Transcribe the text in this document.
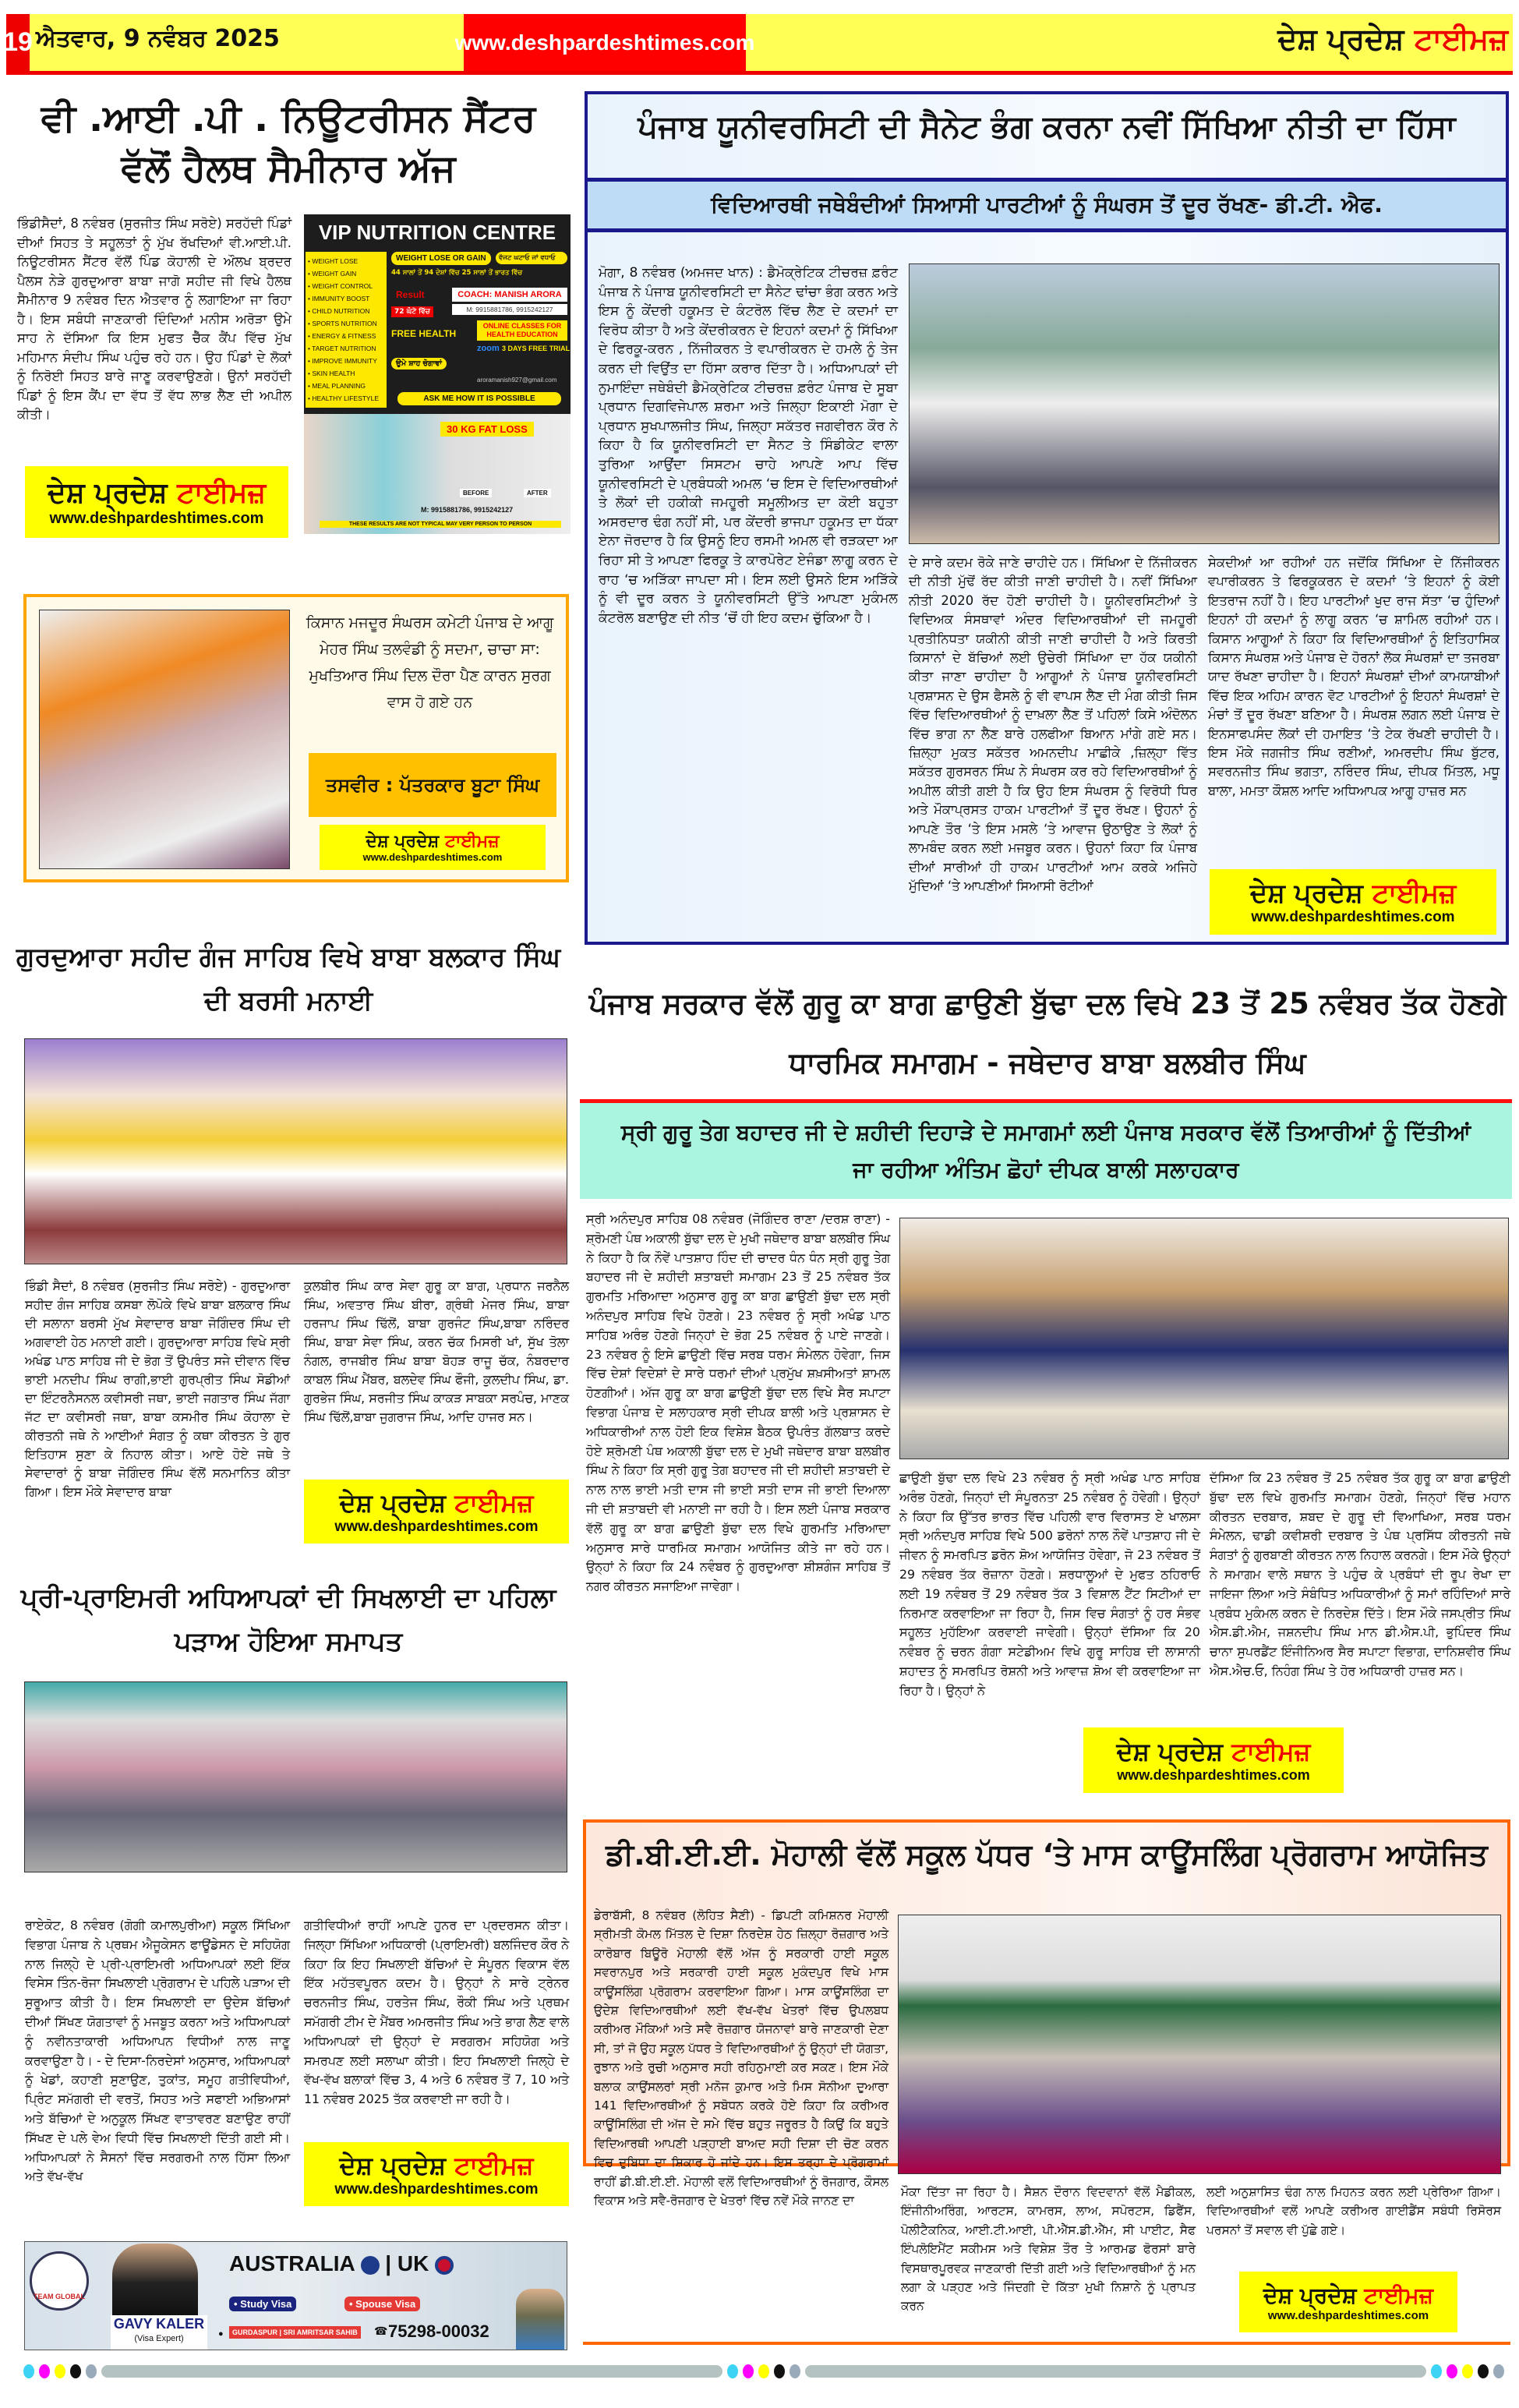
19 ਐਤਵਾਰ, 9 ਨਵੰਬਰ 2025	www.deshpardeshtimes.com	ਦੇਸ਼ ਪ੍ਰਦੇਸ਼ ਟਾਈਮਜ਼
ਵੀ .ਆਈ .ਪੀ . ਨਿਊਟਰੀਸਨ ਸੈਂਟਰ ਵੱਲੋਂ ਹੈਲਥ ਸੈਮੀਨਾਰ ਅੱਜ
ਭਿੰਡੀਸੈਦਾਂ, 8 ਨਵੰਬਰ (ਸੁਰਜੀਤ ਸਿੰਘ ਸਰੋਏ) ਸਰਹੱਦੀ ਪਿੰਡਾਂ ਦੀਆਂ ਸਿਹਤ ਤੇ ਸਹੂਲਤਾਂ ਨੂੰ ਮੁੱਖ ਰੱਖਦਿਆਂ ਵੀ.ਆਈ.ਪੀ. ਨਿਊਟਰੀਸਨ ਸੈਂਟਰ ਵੱਲੋਂ ਪਿੰਡ ਕੋਹਾਲੀ ਦੇ ਔਲਖ ਬ੍ਰਦਰ ਪੈਲਸ ਨੇੜੇ ਗੁਰਦੁਆਰਾ ਬਾਬਾ ਜਾਗੋ ਸਹੀਦ ਜੀ ਵਿਖੇ ਹੈਲਥ ਸੈਮੀਨਾਰ 9 ਨਵੰਬਰ ਦਿਨ ਐਤਵਾਰ ਨੂੰ ਲਗਾਇਆ ਜਾ ਰਿਹਾ ਹੈ। ਇਸ ਸਬੰਧੀ ਜਾਣਕਾਰੀ ਦਿੰਦਿਆਂ ਮਨੀਸ ਅਰੋੜਾ ਉਮੇ ਸਾਹ ਨੇ ਦੱਸਿਆ ਕਿ ਇਸ ਮੁਫਤ ਚੈੱਕ ਕੈਂਪ ਵਿੱਚ ਮੁੱਖ ਮਹਿਮਾਨ ਸੰਦੀਪ ਸਿੰਘ ਪਹੁੰਚ ਰਹੇ ਹਨ। ਉਹ ਪਿੰਡਾਂ ਦੇ ਲੋਕਾਂ ਨੂੰ ਨਿਰੋਈ ਸਿਹਤ ਬਾਰੇ ਜਾਣੂ ਕਰਵਾਉਣਗੇ। ਉਨਾਂ ਸਰਹੱਦੀ ਪਿੰਡਾਂ ਨੂੰ ਇਸ ਕੈਂਪ ਦਾ ਵੱਧ ਤੋਂ ਵੱਧ ਲਾਭ ਲੈਣ ਦੀ ਅਪੀਲ ਕੀਤੀ।
ਦੇਸ਼ ਪ੍ਰਦੇਸ਼ ਟਾਈਮਜ਼
www.deshpardeshtimes.com
VIP NUTRITION CENTRE
• WEIGHT LOSE
• WEIGHT GAIN
• WEIGHT CONTROL
• IMMUNITY BOOST
• CHILD NUTRITION
• SPORTS NUTRITION
• ENERGY & FITNESS
• TARGET NUTRITION
• IMPROVE IMMUNITY
• SKIN HEALTH
• MEAL PLANNING
• HEALTHY LIFESTYLE
WEIGHT LOSE OR GAIN	ਵੱਜਟ ਘਟਾਓ ਜਾਂ ਵਧਾਓ
44 ਸਾਲਾਂ ਤੋਂ 94 ਦੇਸ਼ਾਂ ਵਿੱਚ 25 ਸਾਲਾਂ ਤੋਂ ਭਾਰਤ ਵਿੱਚ
Result	COACH: MANISH ARORA
M: 9915881786, 9915242127
72 ਘੰਟੇ ਵਿੱਚ
ONLINE CLASSES FOR HEALTH EDUCATION
FREE HEALTH
zoom 3 DAYS FREE TRIAL
ਉਮੇ ਸ਼ਾਹ ਚੋਗਾਵਾਂ
aroramanish927@gmail.com
ASK ME HOW IT IS POSSIBLE
30 KG FAT LOSS
BEFORE	AFTER
M: 9915881786, 9915242127
THESE RESULTS ARE NOT TYPICAL MAY VERY PERSON TO PERSON
ਕਿਸਾਨ ਮਜਦੂਰ ਸੰਘਰਸ ਕਮੇਟੀ ਪੰਜਾਬ ਦੇ ਆਗੂ ਮੇਹਰ ਸਿੰਘ ਤਲਵੰਡੀ ਨੂੰ ਸਦਮਾ, ਚਾਚਾ ਸਾ: ਮੁਖਤਿਆਰ ਸਿੰਘ ਦਿਲ ਦੌਰਾ ਪੈਣ ਕਾਰਨ ਸੁਰਗ ਵਾਸ ਹੋ ਗਏ ਹਨ
ਤਸਵੀਰ : ਪੱਤਰਕਾਰ ਬੂਟਾ ਸਿੰਘ
ਦੇਸ਼ ਪ੍ਰਦੇਸ਼ ਟਾਈਮਜ਼
www.deshpardeshtimes.com
ਗੁਰਦੁਆਰਾ ਸਹੀਦ ਗੰਜ ਸਾਹਿਬ ਵਿਖੇ ਬਾਬਾ ਬਲਕਾਰ ਸਿੰਘ ਦੀ ਬਰਸੀ ਮਨਾਈ
ਭਿੰਡੀ ਸੈਦਾਂ, 8 ਨਵੰਬਰ (ਸੁਰਜੀਤ ਸਿੰਘ ਸਰੋਏ) - ਗੁਰਦੁਆਰਾ ਸਹੀਦ ਗੰਜ ਸਾਹਿਬ ਕਸਬਾ ਲੋਪੋਕੇ ਵਿਖੇ ਬਾਬਾ ਬਲਕਾਰ ਸਿੰਘ ਦੀ ਸਲਾਨਾ ਬਰਸੀ ਮੁੱਖ ਸੇਵਾਦਾਰ ਬਾਬਾ ਜੋਗਿੰਦਰ ਸਿੰਘ ਦੀ ਅਗਵਾਈ ਹੇਠ ਮਨਾਈ ਗਈ। ਗੁਰਦੁਆਰਾ ਸਾਹਿਬ ਵਿਖੇ ਸ੍ਰੀ ਅਖੰਡ ਪਾਠ ਸਾਹਿਬ ਜੀ ਦੇ ਭੋਗ ਤੋਂ ਉਪਰੰਤ ਸਜੇ ਦੀਵਾਨ ਵਿੱਚ ਭਾਈ ਮਨਦੀਪ ਸਿੰਘ ਰਾਗੀ,ਭਾਈ ਗੁਰਪ੍ਰੀਤ ਸਿੰਘ ਸੋਡੀਆਂ ਦਾ ਇੰਟਰਨੈਸਨਲ ਕਵੀਸਰੀ ਜਥਾ, ਭਾਈ ਜਗਤਾਰ ਸਿੰਘ ਜੱਗਾ ਜੱਟ ਦਾ ਕਵੀਸਰੀ ਜਥਾ, ਬਾਬਾ ਕਸਮੀਰ ਸਿੰਘ ਕੋਹਾਲਾ ਦੇ ਕੀਰਤਨੀ ਜਥੇ ਨੇ ਆਈਆਂ ਸੰਗਤ ਨੂੰ ਕਥਾ ਕੀਰਤਨ ਤੇ ਗੁਰ ਇਤਿਹਾਸ ਸੁਣਾ ਕੇ ਨਿਹਾਲ ਕੀਤਾ। ਆਏ ਹੋਏ ਜਥੇ ਤੇ ਸੇਵਾਦਾਰਾਂ ਨੂੰ ਬਾਬਾ ਜੋਗਿੰਦਰ ਸਿੰਘ ਵੱਲੋਂ ਸਨਮਾਨਿਤ ਕੀਤਾ ਗਿਆ। ਇਸ ਮੌਕੇ ਸੇਵਾਦਾਰ ਬਾਬਾ
ਕੁਲਬੀਰ ਸਿੰਘ ਕਾਰ ਸੇਵਾ ਗੁਰੂ ਕਾ ਬਾਗ, ਪ੍ਰਧਾਨ ਜਰਨੈਲ ਸਿੰਘ, ਅਵਤਾਰ ਸਿੰਘ ਬੀਰਾ, ਗ੍ਰੰਥੀ ਮੇਜਰ ਸਿੰਘ, ਬਾਬਾ ਹਰਜਾਪ ਸਿੰਘ ਢਿੱਲੋਂ, ਬਾਬਾ ਗੁਰਜੰਟ ਸਿੰਘ,ਬਾਬਾ ਨਰਿੰਦਰ ਸਿੰਘ, ਬਾਬਾ ਸੇਵਾ ਸਿੰਘ, ਕਰਨ ਚੱਕ ਮਿਸਰੀ ਖਾਂ, ਸੁੱਖ ਤੋਲਾ ਨੰਗਲ, ਰਾਜਬੀਰ ਸਿੰਘ ਬਾਬਾ ਬੋਹੜ ਰਾਜੂ ਚੱਕ, ਨੰਬਰਦਾਰ ਕਾਬਲ ਸਿੰਘ ਮੈਂਬਰ, ਬਲਦੇਵ ਸਿੰਘ ਫੌਜੀ, ਕੁਲਦੀਪ ਸਿੰਘ, ਡਾ. ਗੁਰਭੇਜ ਸਿੰਘ, ਸਰਜੀਤ ਸਿੰਘ ਕਾਕੜ ਸਾਬਕਾ ਸਰਪੰਚ, ਮਾਣਕ ਸਿੰਘ ਢਿੱਲੋਂ,ਬਾਬਾ ਜੁਗਰਾਜ ਸਿੰਘ, ਆਦਿ ਹਾਜਰ ਸਨ।
ਦੇਸ਼ ਪ੍ਰਦੇਸ਼ ਟਾਈਮਜ਼
www.deshpardeshtimes.com
ਪ੍ਰੀ-ਪ੍ਰਾਇਮਰੀ ਅਧਿਆਪਕਾਂ ਦੀ ਸਿਖਲਾਈ ਦਾ ਪਹਿਲਾ ਪੜਾਅ ਹੋਇਆ ਸਮਾਪਤ
ਰਾਏਕੋਟ, 8 ਨਵੰਬਰ (ਗੋਗੀ ਕਮਾਲਪੁਰੀਆ) ਸਕੂਲ ਸਿੱਖਿਆ ਵਿਭਾਗ ਪੰਜਾਬ ਨੇ ਪ੍ਰਥਮ ਐਜੂਕੇਸਨ ਫਾਊਂਡੇਸਨ ਦੇ ਸਹਿਯੋਗ ਨਾਲ ਜਿਲ੍ਹੇ ਦੇ ਪ੍ਰੀ-ਪ੍ਰਾਇਮਰੀ ਅਧਿਆਪਕਾਂ ਲਈ ਇੱਕ ਵਿਸੇਸ ਤਿੰਨ-ਰੋਜਾ ਸਿਖਲਾਈ ਪ੍ਰੋਗਰਾਮ ਦੇ ਪਹਿਲੇ ਪੜਾਅ ਦੀ ਸੁਰੂਆਤ ਕੀਤੀ ਹੈ। ਇਸ ਸਿਖਲਾਈ ਦਾ ਉਦੇਸ ਬੱਚਿਆਂ ਦੀਆਂ ਸਿੱਖਣ ਯੋਗਤਾਵਾਂ ਨੂੰ ਮਜਬੂਤ ਕਰਨਾ ਅਤੇ ਅਧਿਆਪਕਾਂ ਨੂੰ ਨਵੀਨਤਾਕਾਰੀ ਅਧਿਆਪਨ ਵਿਧੀਆਂ ਨਾਲ ਜਾਣੂ ਕਰਵਾਉਣਾ ਹੈ। - ਦੇ ਦਿਸਾ-ਨਿਰਦੇਸਾਂ ਅਨੁਸਾਰ, ਅਧਿਆਪਕਾਂ ਨੂੰ ਖੇਡਾਂ, ਕਹਾਣੀ ਸੁਣਾਉਣ, ਤੁਕਾਂਤ, ਸਮੂਹ ਗਤੀਵਿਧੀਆਂ, ਪ੍ਰਿੰਟ ਸਮੱਗਰੀ ਦੀ ਵਰਤੋਂ, ਸਿਹਤ ਅਤੇ ਸਫਾਈ ਅਭਿਆਸਾਂ ਅਤੇ ਬੱਚਿਆਂ ਦੇ ਅਨੁਕੂਲ ਸਿੱਖਣ ਵਾਤਾਵਰਣ ਬਣਾਉਣ ਰਾਹੀਂ ਸਿੱਖਣ ਦੇ ਪਲੇ ਵੇਅ ਵਿਧੀ ਵਿੱਚ ਸਿਖਲਾਈ ਦਿੱਤੀ ਗਈ ਸੀ। ਅਧਿਆਪਕਾਂ ਨੇ ਸੈਸਨਾਂ ਵਿੱਚ ਸਰਗਰਮੀ ਨਾਲ ਹਿੱਸਾ ਲਿਆ ਅਤੇ ਵੱਖ-ਵੱਖ
ਗਤੀਵਿਧੀਆਂ ਰਾਹੀਂ ਆਪਣੇ ਹੁਨਰ ਦਾ ਪ੍ਰਦਰਸਨ ਕੀਤਾ। ਜਿਲ੍ਹਾ ਸਿੱਖਿਆ ਅਧਿਕਾਰੀ (ਪ੍ਰਾਇਮਰੀ) ਬਲਜਿੰਦਰ ਕੌਰ ਨੇ ਕਿਹਾ ਕਿ ਇਹ ਸਿਖਲਾਈ ਬੱਚਿਆਂ ਦੇ ਸੰਪੂਰਨ ਵਿਕਾਸ ਵੱਲ ਇੱਕ ਮਹੱਤਵਪੂਰਨ ਕਦਮ ਹੈ। ਉਨ੍ਹਾਂ ਨੇ ਸਾਰੇ ਟ੍ਰੇਨਰ ਚਰਨਜੀਤ ਸਿੰਘ, ਹਰਤੇਜ ਸਿੰਘ, ਰੌਕੀ ਸਿੰਘ ਅਤੇ ਪ੍ਰਥਮ ਸਮੱਗਰੀ ਟੀਮ ਦੇ ਮੈਂਬਰ ਅਮਰਜੀਤ ਸਿੰਘ ਅਤੇ ਭਾਗ ਲੈਣ ਵਾਲੇ ਅਧਿਆਪਕਾਂ ਦੀ ਉਨ੍ਹਾਂ ਦੇ ਸਰਗਰਮ ਸਹਿਯੋਗ ਅਤੇ ਸਮਰਪਣ ਲਈ ਸਲਾਘਾ ਕੀਤੀ। ਇਹ ਸਿਖਲਾਈ ਜਿਲ੍ਹੇ ਦੇ ਵੱਖ-ਵੱਖ ਬਲਾਕਾਂ ਵਿੱਚ 3, 4 ਅਤੇ 6 ਨਵੰਬਰ ਤੋਂ 7, 10 ਅਤੇ 11 ਨਵੰਬਰ 2025 ਤੱਕ ਕਰਵਾਈ ਜਾ ਰਹੀ ਹੈ।
ਦੇਸ਼ ਪ੍ਰਦੇਸ਼ ਟਾਈਮਜ਼
www.deshpardeshtimes.com
TEAM GLOBAL
GAVY KALER
(Visa Expert)
AUSTRALIA | UK
• Study Visa	• Spouse Visa
●	GURDASPUR | SRI AMRITSAR SAHIB ☎ 75298-00032
ਪੰਜਾਬ ਯੂਨੀਵਰਸਿਟੀ ਦੀ ਸੈਨੇਟ ਭੰਗ ਕਰਨਾ ਨਵੀਂ ਸਿੱਖਿਆ ਨੀਤੀ ਦਾ ਹਿੱਸਾ
ਵਿਦਿਆਰਥੀ ਜਥੇਬੰਦੀਆਂ ਸਿਆਸੀ ਪਾਰਟੀਆਂ ਨੂੰ ਸੰਘਰਸ ਤੋਂ ਦੂਰ ਰੱਖਣ- ਡੀ.ਟੀ. ਐਫ.
ਮੋਗਾ, 8 ਨਵੰਬਰ (ਅਮਜਦ ਖਾਨ) : ਡੈਮੋਕ੍ਰੇਟਿਕ ਟੀਚਰਜ਼ ਫ਼ਰੰਟ ਪੰਜਾਬ ਨੇ ਪੰਜਾਬ ਯੂਨੀਵਰਸਿਟੀ ਦਾ ਸੈਨੇਟ ਢਾਂਚਾ ਭੰਗ ਕਰਨ ਅਤੇ ਇਸ ਨੂੰ ਕੇਂਦਰੀ ਹਕੂਮਤ ਦੇ ਕੰਟਰੋਲ ਵਿੱਚ ਲੈਣ ਦੇ ਕਦਮਾਂ ਦਾ ਵਿਰੋਧ ਕੀਤਾ ਹੈ ਅਤੇ ਕੇਂਦਰੀਕਰਨ ਦੇ ਇਹਨਾਂ ਕਦਮਾਂ ਨੂੰ ਸਿੱਖਿਆ ਦੇ ਫਿਰਕੂ-ਕਰਨ , ਨਿੱਜੀਕਰਨ ਤੇ ਵਪਾਰੀਕਰਨ ਦੇ ਹਮਲੇ ਨੂੰ ਤੇਜ ਕਰਨ ਦੀ ਵਿਉਂਤ ਦਾ ਹਿੱਸਾ ਕਰਾਰ ਦਿੱਤਾ ਹੈ। ਅਧਿਆਪਕਾਂ ਦੀ ਨੁਮਾਇੰਦਾ ਜਥੇਬੰਦੀ ਡੈਮੋਕ੍ਰੇਟਿਕ ਟੀਚਰਜ਼ ਫ਼ਰੰਟ ਪੰਜਾਬ ਦੇ ਸੂਬਾ ਪ੍ਰਧਾਨ ਦਿਗਵਿਜੇਪਾਲ ਸ਼ਰਮਾ ਅਤੇ ਜਿਲ੍ਹਾ ਇਕਾਈ ਮੋਗਾ ਦੇ ਪ੍ਰਧਾਨ ਸੁਖਪਾਲਜੀਤ ਸਿੰਘ, ਜਿਲ੍ਹਾ ਸਕੱਤਰ ਜਗਵੀਰਨ ਕੌਰ ਨੇ ਕਿਹਾ ਹੈ ਕਿ ਯੂਨੀਵਰਸਿਟੀ ਦਾ ਸੈਨਟ ਤੇ ਸਿੰਡੀਕੇਟ ਵਾਲਾ ਤੁਰਿਆ ਆਉਂਦਾ ਸਿਸਟਮ ਚਾਹੇ ਆਪਣੇ ਆਪ ਵਿੱਚ ਯੂਨੀਵਰਸਿਟੀ ਦੇ ਪ੍ਰਬੰਧਕੀ ਅਮਲ ‘ਚ ਇਸ ਦੇ ਵਿਦਿਆਰਥੀਆਂ ਤੇ ਲੋਕਾਂ ਦੀ ਹਕੀਕੀ ਜਮਹੂਰੀ ਸਮੂਲੀਅਤ ਦਾ ਕੋਈ ਬਹੁਤਾ ਅਸਰਦਾਰ ਢੰਗ ਨਹੀਂ ਸੀ, ਪਰ ਕੇਂਦਰੀ ਭਾਜਪਾ ਹਕੂਮਤ ਦਾ ਧੱਕਾ ਏਨਾ ਜੋਰਦਾਰ ਹੈ ਕਿ ਉਸਨੂੰ ਇਹ ਰਸਮੀ ਅਮਲ ਵੀ ਰੜਕਦਾ ਆ ਰਿਹਾ ਸੀ ਤੇ ਆਪਣਾ ਫਿਰਕੂ ਤੇ ਕਾਰਪੋਰੇਟ ਏਜੰਡਾ ਲਾਗੂ ਕਰਨ ਦੇ ਰਾਹ ‘ਚ ਅੜਿੱਕਾ ਜਾਪਦਾ ਸੀ। ਇਸ ਲਈ ਉਸਨੇ ਇਸ ਅੜਿੱਕੇ ਨੂੰ ਵੀ ਦੂਰ ਕਰਨ ਤੇ ਯੂਨੀਵਰਸਿਟੀ ਉੱਤੇ ਆਪਣਾ ਮੁਕੰਮਲ ਕੰਟਰੋਲ ਬਣਾਉਣ ਦੀ ਨੀਤ ‘ਚੋਂ ਹੀ ਇਹ ਕਦਮ ਚੁੱਕਿਆ ਹੈ।
ਦੇ ਸਾਰੇ ਕਦਮ ਰੋਕੇ ਜਾਣੇ ਚਾਹੀਦੇ ਹਨ। ਸਿੱਖਿਆ ਦੇ ਨਿੱਜੀਕਰਨ ਦੀ ਨੀਤੀ ਮੁੱਢੋਂ ਰੱਦ ਕੀਤੀ ਜਾਣੀ ਚਾਹੀਦੀ ਹੈ। ਨਵੀਂ ਸਿੱਖਿਆ ਨੀਤੀ 2020 ਰੱਦ ਹੋਣੀ ਚਾਹੀਦੀ ਹੈ। ਯੂਨੀਵਰਸਿਟੀਆਂ ਤੇ ਵਿਦਿਅਕ ਸੰਸਥਾਵਾਂ ਅੰਦਰ ਵਿਦਿਆਰਥੀਆਂ ਦੀ ਜਮਹੂਰੀ ਪ੍ਰਤੀਨਿਧਤਾ ਯਕੀਨੀ ਕੀਤੀ ਜਾਣੀ ਚਾਹੀਦੀ ਹੈ ਅਤੇ ਕਿਰਤੀ ਕਿਸਾਨਾਂ ਦੇ ਬੱਚਿਆਂ ਲਈ ਉਚੇਰੀ ਸਿੱਖਿਆ ਦਾ ਹੱਕ ਯਕੀਨੀ ਕੀਤਾ ਜਾਣਾ ਚਾਹੀਦਾ ਹੈ ਆਗੂਆਂ ਨੇ ਪੰਜਾਬ ਯੂਨੀਵਰਸਿਟੀ ਪ੍ਰਸ਼ਾਸਨ ਦੇ ਉਸ ਫੈਸਲੇ ਨੂੰ ਵੀ ਵਾਪਸ ਲੈਣ ਦੀ ਮੰਗ ਕੀਤੀ ਜਿਸ ਵਿੱਚ ਵਿਦਿਆਰਥੀਆਂ ਨੂੰ ਦਾਖ਼ਲਾ ਲੈਣ ਤੋਂ ਪਹਿਲਾਂ ਕਿਸੇ ਅੰਦੋਲਨ ਵਿੱਚ ਭਾਗ ਨਾ ਲੈਣ ਬਾਰੇ ਹਲਫੀਆ ਬਿਆਨ ਮਾਂਗੇ ਗਏ ਸਨ। ਜ਼ਿਲ੍ਹਾ ਮੁਕਤ ਸਕੱਤਰ ਅਮਨਦੀਪ ਮਾਛੀਕੇ ,ਜ਼ਿਲ੍ਹਾ ਵਿੱਤ ਸਕੱਤਰ ਗੁਰਸਰਨ ਸਿੰਘ ਨੇ ਸੰਘਰਸ ਕਰ ਰਹੇ ਵਿਦਿਆਰਥੀਆਂ ਨੂੰ ਅਪੀਲ ਕੀਤੀ ਗਈ ਹੈ ਕਿ ਉਹ ਇਸ ਸੰਘਰਸ ਨੂੰ ਵਿਰੋਧੀ ਧਿਰ ਅਤੇ ਮੌਕਾਪ੍ਰਸਤ ਹਾਕਮ ਪਾਰਟੀਆਂ ਤੋਂ ਦੂਰ ਰੱਖਣ। ਉਹਨਾਂ ਨੂੰ ਆਪਣੇ ਤੌਰ ‘ਤੇ ਇਸ ਮਸਲੇ ‘ਤੇ ਆਵਾਜ ਉਠਾਉਣ ਤੇ ਲੋਕਾਂ ਨੂੰ ਲਾਮਬੰਦ ਕਰਨ ਲਈ ਮਜਬੂਰ ਕਰਨ। ਉਹਨਾਂ ਕਿਹਾ ਕਿ ਪੰਜਾਬ ਦੀਆਂ ਸਾਰੀਆਂ ਹੀ ਹਾਕਮ ਪਾਰਟੀਆਂ ਆਮ ਕਰਕੇ ਅਜਿਹੇ ਮੁੱਦਿਆਂ ‘ਤੇ ਆਪਣੀਆਂ ਸਿਆਸੀ ਰੋਟੀਆਂ
ਸੇਕਦੀਆਂ ਆ ਰਹੀਆਂ ਹਨ ਜਦੋਂਕਿ ਸਿੱਖਿਆ ਦੇ ਨਿੱਜੀਕਰਨ ਵਪਾਰੀਕਰਨ ਤੇ ਫਿਰਕੂਕਰਨ ਦੇ ਕਦਮਾਂ ‘ਤੇ ਇਹਨਾਂ ਨੂੰ ਕੋਈ ਇਤਰਾਜ ਨਹੀਂ ਹੈ। ਇਹ ਪਾਰਟੀਆਂ ਖੁਦ ਰਾਜ ਸੱਤਾ ‘ਚ ਹੁੰਦਿਆਂ ਇਹਨਾਂ ਹੀ ਕਦਮਾਂ ਨੂੰ ਲਾਗੂ ਕਰਨ ‘ਚ ਸ਼ਾਮਿਲ ਰਹੀਆਂ ਹਨ। ਕਿਸਾਨ ਆਗੂਆਂ ਨੇ ਕਿਹਾ ਕਿ ਵਿਦਿਆਰਥੀਆਂ ਨੂੰ ਇਤਿਹਾਸਿਕ ਕਿਸਾਨ ਸੰਘਰਸ਼ ਅਤੇ ਪੰਜਾਬ ਦੇ ਹੋਰਨਾਂ ਲੋਕ ਸੰਘਰਸ਼ਾਂ ਦਾ ਤਜਰਬਾ ਯਾਦ ਰੱਖਣਾ ਚਾਹੀਦਾ ਹੈ। ਇਹਨਾਂ ਸੰਘਰਸ਼ਾਂ ਦੀਆਂ ਕਾਮਯਾਬੀਆਂ ਵਿੱਚ ਇਕ ਅਹਿਮ ਕਾਰਨ ਵੋਟ ਪਾਰਟੀਆਂ ਨੂੰ ਇਹਨਾਂ ਸੰਘਰਸ਼ਾਂ ਦੇ ਮੰਚਾਂ ਤੋਂ ਦੂਰ ਰੱਖਣਾ ਬਣਿਆ ਹੈ। ਸੰਘਰਸ਼ ਲਗਨ ਲਈ ਪੰਜਾਬ ਦੇ ਇਨਸਾਫਪਸੰਦ ਲੋਕਾਂ ਦੀ ਹਮਾਇਤ ‘ਤੇ ਟੇਕ ਰੱਖਣੀ ਚਾਹੀਦੀ ਹੈ। ਇਸ ਮੌਕੇ ਜਗਜੀਤ ਸਿੰਘ ਰਣੀਆਂ, ਅਮਰਦੀਪ ਸਿੰਘ ਬੁੱਟਰ, ਸਵਰਨਜੀਤ ਸਿੰਘ ਭਗਤਾ, ਨਰਿੰਦਰ ਸਿੰਘ, ਦੀਪਕ ਮਿੱਤਲ, ਮਧੂ ਬਾਲਾ, ਮਮਤਾ ਕੌਸ਼ਲ ਆਦਿ ਅਧਿਆਪਕ ਆਗੂ ਹਾਜ਼ਰ ਸਨ
ਦੇਸ਼ ਪ੍ਰਦੇਸ਼ ਟਾਈਮਜ਼
www.deshpardeshtimes.com
ਪੰਜਾਬ ਸਰਕਾਰ ਵੱਲੋਂ ਗੁਰੂ ਕਾ ਬਾਗ ਛਾਉਣੀ ਬੁੱਢਾ ਦਲ ਵਿਖੇ 23 ਤੋਂ 25 ਨਵੰਬਰ ਤੱਕ ਹੋਣਗੇ ਧਾਰਮਿਕ ਸਮਾਗਮ - ਜਥੇਦਾਰ ਬਾਬਾ ਬਲਬੀਰ ਸਿੰਘ
ਸ੍ਰੀ ਗੁਰੂ ਤੇਗ ਬਹਾਦਰ ਜੀ ਦੇ ਸ਼ਹੀਦੀ ਦਿਹਾੜੇ ਦੇ ਸਮਾਗਮਾਂ ਲਈ ਪੰਜਾਬ ਸਰਕਾਰ ਵੱਲੋਂ ਤਿਆਰੀਆਂ ਨੂੰ ਦਿੱਤੀਆਂ ਜਾ ਰਹੀਆ ਅੰਤਿਮ ਛੋਹਾਂ ਦੀਪਕ ਬਾਲੀ ਸਲਾਹਕਾਰ
ਸ੍ਰੀ ਅਨੰਦਪੁਰ ਸਾਹਿਬ 08 ਨਵੰਬਰ (ਜੋਗਿੰਦਰ ਰਾਣਾ /ਦਰਸ਼ ਰਾਣਾ) - ਸ਼੍ਰੋਮਣੀ ਪੰਥ ਅਕਾਲੀ ਬੁੱਢਾ ਦਲ ਦੇ ਮੁਖੀ ਜਥੇਦਾਰ ਬਾਬਾ ਬਲਬੀਰ ਸਿੰਘ ਨੇ ਕਿਹਾ ਹੈ ਕਿ ਨੌਵੇਂ ਪਾਤਸ਼ਾਹ ਹਿੰਦ ਦੀ ਚਾਦਰ ਧੰਨ ਧੰਨ ਸ੍ਰੀ ਗੁਰੂ ਤੇਗ ਬਹਾਦਰ ਜੀ ਦੇ ਸ਼ਹੀਦੀ ਸ਼ਤਾਬਦੀ ਸਮਾਗਮ 23 ਤੋਂ 25 ਨਵੰਬਰ ਤੱਕ ਗੁਰਮਤਿ ਮਰਿਆਦਾ ਅਨੁਸਾਰ ਗੁਰੂ ਕਾ ਬਾਗ ਛਾਉਣੀ ਬੁੱਢਾ ਦਲ ਸ੍ਰੀ ਅਨੰਦਪੁਰ ਸਾਹਿਬ ਵਿਖੇ ਹੋਣਗੇ। 23 ਨਵੰਬਰ ਨੂੰ ਸ੍ਰੀ ਅਖੰਡ ਪਾਠ ਸਾਹਿਬ ਅਰੰਭ ਹੋਣਗੇ ਜਿਨ੍ਹਾਂ ਦੇ ਭੋਗ 25 ਨਵੰਬਰ ਨੂੰ ਪਾਏ ਜਾਣਗੇ। 23 ਨਵੰਬਰ ਨੂੰ ਇਸੇ ਛਾਉਣੀ ਵਿੱਚ ਸਰਬ ਧਰਮ ਸੰਮੇਲਨ ਹੋਵੇਗਾ, ਜਿਸ ਵਿੱਚ ਦੇਸ਼ਾਂ ਵਿਦੇਸ਼ਾਂ ਦੇ ਸਾਰੇ ਧਰਮਾਂ ਦੀਆਂ ਪ੍ਰਮੁੱਖ ਸ਼ਖ਼ਸੀਅਤਾਂ ਸ਼ਾਮਲ ਹੋਣਗੀਆਂ। ਅੱਜ ਗੁਰੂ ਕਾ ਬਾਗ ਛਾਉਣੀ ਬੁੱਢਾ ਦਲ ਵਿਖੇ ਸੈਰ ਸਪਾਟਾ ਵਿਭਾਗ ਪੰਜਾਬ ਦੇ ਸਲਾਹਕਾਰ ਸ੍ਰੀ ਦੀਪਕ ਬਾਲੀ ਅਤੇ ਪ੍ਰਸ਼ਾਸਨ ਦੇ ਅਧਿਕਾਰੀਆਂ ਨਾਲ ਹੋਈ ਇਕ ਵਿਸ਼ੇਸ਼ ਬੈਠਕ ਉਪਰੰਤ ਗੱਲਬਾਤ ਕਰਦੇ ਹੋਏ ਸ਼੍ਰੋਮਣੀ ਪੰਥ ਅਕਾਲੀ ਬੁੱਢਾ ਦਲ ਦੇ ਮੁਖੀ ਜਥੇਦਾਰ ਬਾਬਾ ਬਲਬੀਰ ਸਿੰਘ ਨੇ ਕਿਹਾ ਕਿ ਸ੍ਰੀ ਗੁਰੂ ਤੇਗ ਬਹਾਦਰ ਜੀ ਦੀ ਸ਼ਹੀਦੀ ਸ਼ਤਾਬਦੀ ਦੇ ਨਾਲ ਨਾਲ ਭਾਈ ਮਤੀ ਦਾਸ ਜੀ ਭਾਈ ਸਤੀ ਦਾਸ ਜੀ ਭਾਈ ਦਿਆਲਾ ਜੀ ਦੀ ਸ਼ਤਾਬਦੀ ਵੀ ਮਨਾਈ ਜਾ ਰਹੀ ਹੈ। ਇਸ ਲਈ ਪੰਜਾਬ ਸਰਕਾਰ ਵੱਲੋਂ ਗੁਰੂ ਕਾ ਬਾਗ ਛਾਉਣੀ ਬੁੱਢਾ ਦਲ ਵਿਖੇ ਗੁਰਮਤਿ ਮਰਿਆਦਾ ਅਨੁਸਾਰ ਸਾਰੇ ਧਾਰਮਿਕ ਸਮਾਗਮ ਆਯੋਜਿਤ ਕੀਤੇ ਜਾ ਰਹੇ ਹਨ। ਉਨ੍ਹਾਂ ਨੇ ਕਿਹਾ ਕਿ 24 ਨਵੰਬਰ ਨੂੰ ਗੁਰਦੁਆਰਾ ਸ਼ੀਸ਼ਗੰਜ ਸਾਹਿਬ ਤੋਂ ਨਗਰ ਕੀਰਤਨ ਸਜਾਇਆ ਜਾਵੇਗਾ।
ਛਾਉਣੀ ਬੁੱਢਾ ਦਲ ਵਿਖੇ 23 ਨਵੰਬਰ ਨੂੰ ਸ੍ਰੀ ਅਖੰਡ ਪਾਠ ਸਾਹਿਬ ਅਰੰਭ ਹੋਣਗੇ, ਜਿਨ੍ਹਾਂ ਦੀ ਸੰਪੂਰਨਤਾ 25 ਨਵੰਬਰ ਨੂੰ ਹੋਵੇਗੀ। ਉਨ੍ਹਾਂ ਨੇ ਕਿਹਾ ਕਿ ਉੱਤਰ ਭਾਰਤ ਵਿੱਚ ਪਹਿਲੀ ਵਾਰ ਵਿਰਾਸਤ ਏ ਖਾਲਸਾ ਸ੍ਰੀ ਅਨੰਦਪੁਰ ਸਾਹਿਬ ਵਿਖੇ 500 ਡਰੋਨਾਂ ਨਾਲ ਨੌਵੇਂ ਪਾਤਸ਼ਾਹ ਜੀ ਦੇ ਜੀਵਨ ਨੂੰ ਸਮਰਪਿਤ ਡਰੋਨ ਸ਼ੋਅ ਆਯੋਜਿਤ ਹੋਵੇਗਾ, ਜੋ 23 ਨਵੰਬਰ ਤੋਂ 29 ਨਵੰਬਰ ਤੱਕ ਰੋਜ਼ਾਨਾ ਹੋਣਗੇ। ਸ਼ਰਧਾਲੂਆਂ ਦੇ ਮੁਫਤ ਠਹਿਰਾਓ ਲਈ 19 ਨਵੰਬਰ ਤੋਂ 29 ਨਵੰਬਰ ਤੱਕ 3 ਵਿਸ਼ਾਲ ਟੈਂਟ ਸਿਟੀਆਂ ਦਾ ਨਿਰਮਾਣ ਕਰਵਾਇਆ ਜਾ ਰਿਹਾ ਹੈ, ਜਿਸ ਵਿਚ ਸੰਗਤਾਂ ਨੂੰ ਹਰ ਸੰਭਵ ਸਹੂਲਤ ਮੁਹੱਇਆ ਕਰਵਾਈ ਜਾਵੇਗੀ। ਉਨ੍ਹਾਂ ਦੱਸਿਆ ਕਿ 20 ਨਵੰਬਰ ਨੂੰ ਚਰਨ ਗੰਗਾ ਸਟੇਡੀਅਮ ਵਿਖੇ ਗੁਰੂ ਸਾਹਿਬ ਦੀ ਲਾਸਾਨੀ ਸ਼ਹਾਦਤ ਨੂੰ ਸਮਰਪਿਤ ਰੋਸ਼ਨੀ ਅਤੇ ਆਵਾਜ਼ ਸ਼ੋਅ ਵੀ ਕਰਵਾਇਆ ਜਾ ਰਿਹਾ ਹੈ। ਉਨ੍ਹਾਂ ਨੇ
ਦੱਸਿਆ ਕਿ 23 ਨਵੰਬਰ ਤੋਂ 25 ਨਵੰਬਰ ਤੱਕ ਗੁਰੂ ਕਾ ਬਾਗ ਛਾਉਣੀ ਬੁੱਢਾ ਦਲ ਵਿਖੇ ਗੁਰਮਤਿ ਸਮਾਗਮ ਹੋਣਗੇ, ਜਿਨ੍ਹਾਂ ਵਿੱਚ ਮਹਾਨ ਕੀਰਤਨ ਦਰਬਾਰ, ਸ਼ਬਦ ਦੇ ਗੁਰੂ ਦੀ ਵਿਆਖਿਆ, ਸਰਬ ਧਰਮ ਸੰਮੇਲਨ, ਢਾਡੀ ਕਵੀਸ਼ਰੀ ਦਰਬਾਰ ਤੇ ਪੰਥ ਪ੍ਰਸਿੱਧ ਕੀਰਤਨੀ ਜਥੇ ਸੰਗਤਾਂ ਨੂੰ ਗੁਰਬਾਣੀ ਕੀਰਤਨ ਨਾਲ ਨਿਹਾਲ ਕਰਨਗੇ। ਇਸ ਮੌਕੇ ਉਨ੍ਹਾਂ ਨੇ ਸਮਾਗਮ ਵਾਲੇ ਸਥਾਨ ਤੇ ਪਹੁੰਚ ਕੇ ਪ੍ਰਬੰਧਾਂ ਦੀ ਰੂਪ ਰੇਖਾ ਦਾ ਜਾਇਜਾ ਲਿਆ ਅਤੇ ਸੰਬੰਧਿਤ ਅਧਿਕਾਰੀਆਂ ਨੂੰ ਸਮਾਂ ਰਹਿੰਦਿਆਂ ਸਾਰੇ ਪ੍ਰਬੰਧ ਮੁਕੰਮਲ ਕਰਨ ਦੇ ਨਿਰਦੇਸ਼ ਦਿੱਤੇ। ਇਸ ਮੌਕੇ ਜਸਪ੍ਰੀਤ ਸਿੰਘ ਐਸ.ਡੀ.ਐਮ, ਜਸ਼ਨਦੀਪ ਸਿੰਘ ਮਾਨ ਡੀ.ਐਸ.ਪੀ, ਭੁਪਿੰਦਰ ਸਿੰਘ ਚਾਨਾ ਸੁਪਰਡੈਂਟ ਇੰਜੀਨਿਅਰ ਸੈਰ ਸਪਾਟਾ ਵਿਭਾਗ, ਦਾਨਿਸ਼ਵੀਰ ਸਿੰਘ ਐਸ.ਐਚ.ਓ, ਨਿਹੰਗ ਸਿੰਘ ਤੇ ਹੋਰ ਅਧਿਕਾਰੀ ਹਾਜ਼ਰ ਸਨ।
ਦੇਸ਼ ਪ੍ਰਦੇਸ਼ ਟਾਈਮਜ਼
www.deshpardeshtimes.com
ਡੀ.ਬੀ.ਈ.ਈ. ਮੋਹਾਲੀ ਵੱਲੋਂ ਸਕੂਲ ਪੱਧਰ ‘ਤੇ ਮਾਸ ਕਾਊਂਸਲਿੰਗ ਪ੍ਰੋਗਰਾਮ ਆਯੋਜਿਤ
ਡੇਰਾਬੱਸੀ, 8 ਨਵੰਬਰ (ਲੋਹਿਤ ਸੈਣੀ) - ਡਿਪਟੀ ਕਮਿਸ਼ਨਰ ਮੋਹਾਲੀ ਸ੍ਰੀਮਤੀ ਕੋਮਲ ਮਿੱਤਲ ਦੇ ਦਿਸ਼ਾ ਨਿਰਦੇਸ਼ ਹੇਠ ਜ਼ਿਲ੍ਹਾ ਰੋਜ਼ਗਾਰ ਅਤੇ ਕਾਰੋਬਾਰ ਬਿਊਰੋ ਮੋਹਾਲੀ ਵੱਲੋਂ ਅੱਜ ਨੂੰ ਸਰਕਾਰੀ ਹਾਈ ਸਕੂਲ ਸਵਰਾਨਪੁਰ ਅਤੇ ਸਰਕਾਰੀ ਹਾਈ ਸਕੂਲ ਮੁਕੰਦਪੁਰ ਵਿਖੇ ਮਾਸ ਕਾਊਂਸਲਿੰਗ ਪ੍ਰੋਗਰਾਮ ਕਰਵਾਇਆ ਗਿਆ। ਮਾਸ ਕਾਊਂਸਲਿੰਗ ਦਾ ਉਦੇਸ਼ ਵਿਦਿਆਰਥੀਆਂ ਲਈ ਵੱਖ-ਵੱਖ ਖੇਤਰਾਂ ਵਿੱਚ ਉਪਲਬਧ ਕਰੀਅਰ ਮੌਕਿਆਂ ਅਤੇ ਸਵੈ ਰੋਜ਼ਗਾਰ ਯੋਜਨਾਵਾਂ ਬਾਰੇ ਜਾਣਕਾਰੀ ਦੇਣਾ ਸੀ, ਤਾਂ ਜੋ ਉਹ ਸਕੂਲ ਪੱਧਰ ਤੇ ਵਿਦਿਆਰਥੀਆਂ ਨੂੰ ਉਨ੍ਹਾਂ ਦੀ ਯੋਗਤਾ, ਰੁਝਾਨ ਅਤੇ ਰੁਚੀ ਅਨੁਸਾਰ ਸਹੀ ਰਹਿਨੁਮਾਈ ਕਰ ਸਕਣ। ਇਸ ਮੌਕੇ ਬਲਾਕ ਕਾਉਂਸਲਰਾਂ ਸ੍ਰੀ ਮਨੋਜ ਕੁਮਾਰ ਅਤੇ ਮਿਸ ਸੋਨੀਆ ਦੁਆਰਾ 141 ਵਿਦਿਆਰਥੀਆਂ ਨੂੰ ਸਬੋਧਨ ਕਰਕੇ ਹੋਏ ਕਿਹਾ ਕਿ ਕਰੀਅਰ ਕਾਊਂਸਿਲਿੰਗ ਦੀ ਅੱਜ ਦੇ ਸਮੇ ਵਿੱਚ ਬਹੁਤ ਜਰੂਰਤ ਹੈ ਕਿਉਂ ਕਿ ਬਹੁਤੇ ਵਿਦਿਆਰਥੀ ਆਪਣੀ ਪੜ੍ਹਾਈ ਬਾਅਦ ਸਹੀ ਦਿਸ਼ਾ ਦੀ ਚੋਣ ਕਰਨ ਵਿਚ ਦੁਬਿਧਾ ਦਾ ਸ਼ਿਕਾਰ ਹੋ ਜਾਂਦੇ ਹਨ। ਇਸ ਤਰ੍ਹਾ ਦੇ ਪ੍ਰੋਗਰਾਮਾਂ ਰਾਹੀਂ ਡੀ.ਬੀ.ਈ.ਈ. ਮੋਹਾਲੀ ਵਲੋਂ ਵਿਦਿਆਰਥੀਆਂ ਨੂੰ ਰੋਜਗਾਰ, ਕੌਸਲ ਵਿਕਾਸ ਅਤੇ ਸਵੈ-ਰੋਜਗਾਰ ਦੇ ਖੇਤਰਾਂ ਵਿੱਚ ਨਵੇਂ ਮੌਕੇ ਜਾਨਣ ਦਾ
ਮੌਕਾ ਦਿੱਤਾ ਜਾ ਰਿਹਾ ਹੈ। ਸੈਸ਼ਨ ਦੌਰਾਨ ਵਿਦਵਾਨਾਂ ਵੱਲੋਂ ਮੈਡੀਕਲ, ਇੰਜੀਨੀਅਰਿੰਗ, ਆਰਟਸ, ਕਾਮਰਸ, ਲਾਅ, ਸਪੋਰਟਸ, ਡਿਫੈਂਸ, ਪੋਲੀਟੈਕਨਿਕ, ਆਈ.ਟੀ.ਆਈ, ਪੀ.ਐੱਸ.ਡੀ.ਐੱਮ, ਸੀ ਪਾਈਟ, ਸੈਫ ਇੰਪਲੋਇਮੈਂਟ ਸਕੀਮਸ ਅਤੇ ਵਿਸ਼ੇਸ਼ ਤੌਰ ਤੇ ਆਰਮਡ ਫੋਰਸਾਂ ਬਾਰੇ ਵਿਸਥਾਰਪੂਰਵਕ ਜਾਣਕਾਰੀ ਦਿੱਤੀ ਗਈ ਅਤੇ ਵਿਦਿਆਰਥੀਆਂ ਨੂੰ ਮਨ ਲਗਾ ਕੇ ਪੜ੍ਹਣ ਅਤੇ ਜਿੰਦਗੀ ਦੇ ਕਿੱਤਾ ਮੁਖੀ ਨਿਸ਼ਾਨੇ ਨੂੰ ਪ੍ਰਾਪਤ ਕਰਨ
ਲਈ ਅਨੁਸ਼ਾਸਿਤ ਢੰਗ ਨਾਲ ਮਿਹਨਤ ਕਰਨ ਲਈ ਪ੍ਰੇਰਿਆ ਗਿਆ। ਵਿਦਿਆਰਥੀਆਂ ਵਲੋਂ ਆਪਣੇ ਕਰੀਅਰ ਗਾਈਡੈਂਸ ਸਬੰਧੀ ਰਿਸੋਰਸ ਪਰਸਨਾਂ ਤੋਂ ਸਵਾਲ ਵੀ ਪੁੱਛੇ ਗਏ।
ਦੇਸ਼ ਪ੍ਰਦੇਸ਼ ਟਾਈਮਜ਼
www.deshpardeshtimes.com
